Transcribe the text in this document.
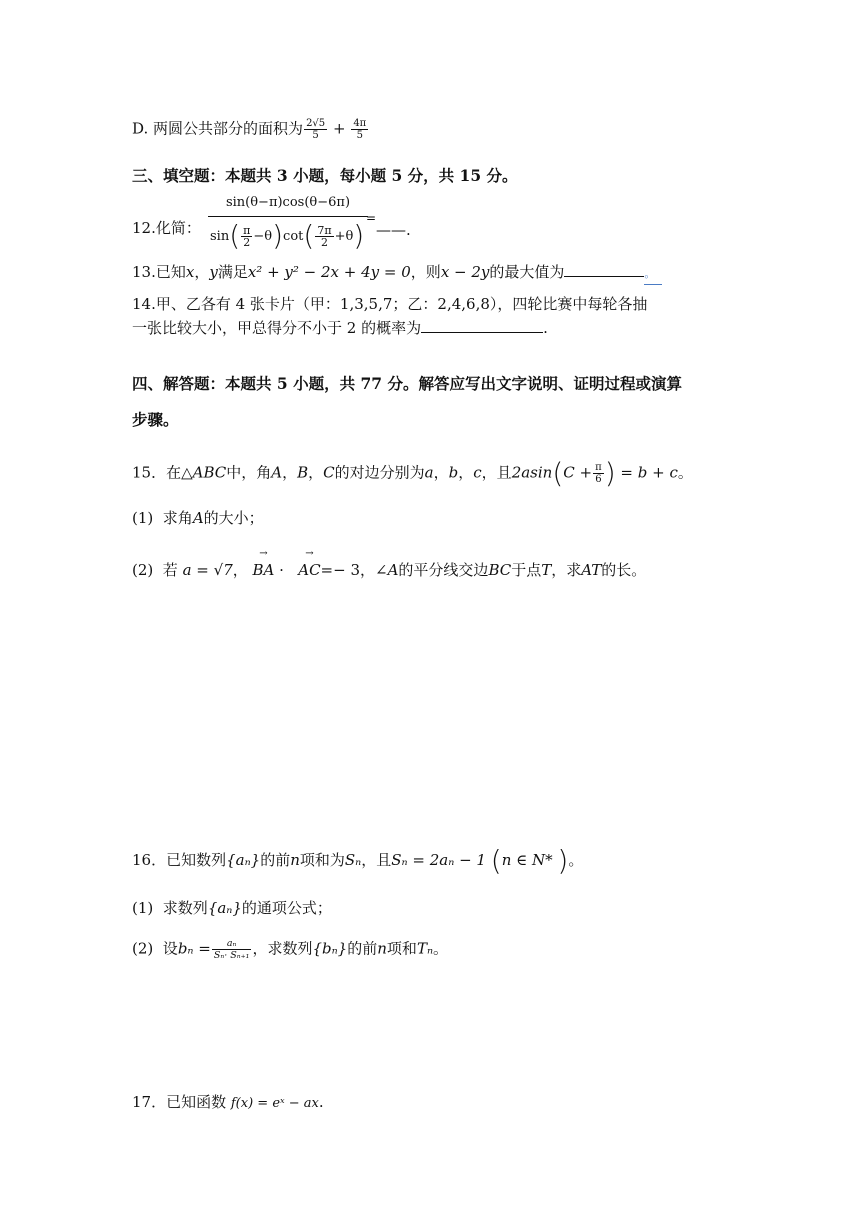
D. 两圆公共部分的面积为 $\frac{2√5}{5} + \frac{4\pi}{5}$
三、填空题：本题共 3 小题，每小题 5 分，共 15 分。
12.化简：
sin(θ−π)cos(θ−6π)
$\sin( \frac{\pi}{2} -\theta)\cot( \frac{7\pi}{2} +\theta)$
=
——.
13.已知x，y满足x² + y² − 2x + 4y = 0，则x − 2y的最大值为	。
14.甲、乙各有 4 张卡片（甲：1,3,5,7；乙：2,4,6,8），四轮比赛中每轮各抽
一张比较大小，甲总得分不小于 2 的概率为	.
四、解答题：本题共 5 小题，共 77 分。解答应写出文字说明、证明过程或演算
步骤。
15．在△ABC中，角A，B，C的对边分别为a，b，c，且$2asin(C + \frac{\pi}{6}$ ) = b + c。
(1) 求角A的大小；
(2) 若 a = √7，
→
BA ·
→
AC=− 3，∠A的平分线交边BC于点T，求AT的长。
16．已知数列{aₙ}的前n项和为Sₙ，且Sₙ = 2aₙ − 1 (n ∈ N* )。
(1) 求数列{aₙ}的通项公式；
(2) 设$b_n = \frac{\text{aₙ}}{\text{Sₙ· Sₙ₊₁}}$ ，求数列{bₙ}的前n项和Tₙ。
17．已知函数 f(x) = eˣ − ax.
